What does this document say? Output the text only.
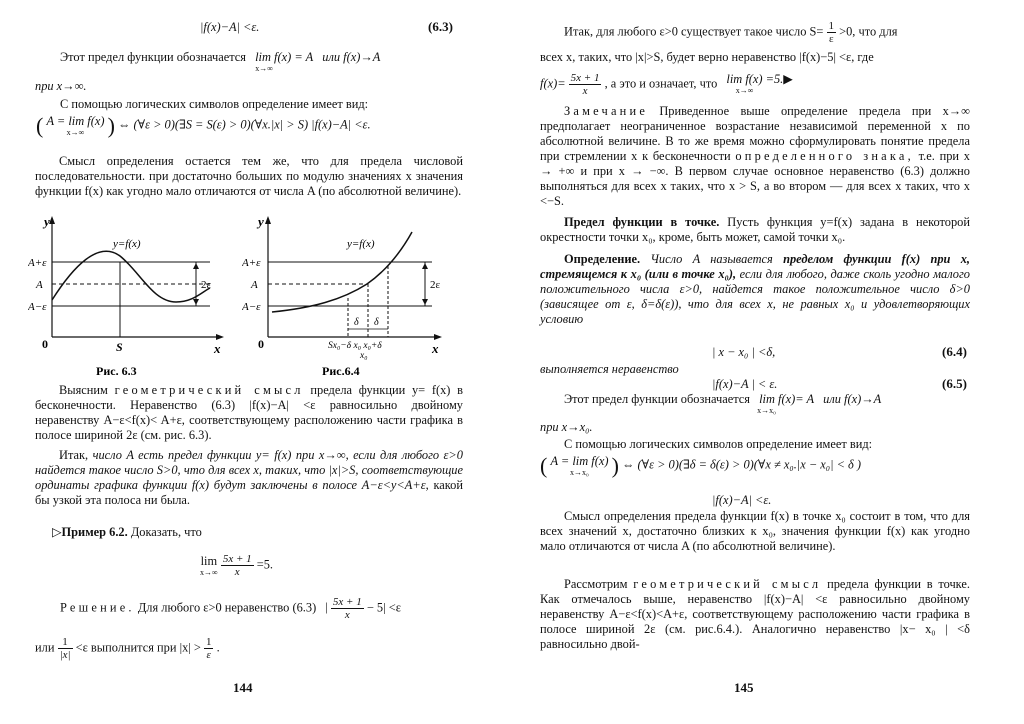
|f(x)−A| <ε.	(6.3)
Этот предел функции обозначается lim f(x) = A
x→∞
или f(x)→A
при x→∞.
С помощью логических символов определение имеет вид:
( A = lim f(x)
x→∞	) ⇔ (∀ε > 0)(∃S = S(ε) > 0)(∀x.|x| > S) |f(x)−A| <ε.
Смысл определения остается тем же, что для предела числовой последовательности. при достаточно больших по модулю значениях x значения функции f(x) как угодно мало отличаются от числа A (по абсолютной величине).
y
y=f(x)
A+ε
A
A−ε
2ε
0	S	x
Рис. 6.3
y
y=f(x)
A+ε
A
A−ε
2ε
δ δ
0	Sx₀−δ x₀ x₀+δ
x₀	x
Рис.6.4
Выясним геометрический смысл предела функции y= f(x) в бесконечности. Неравенство (6.3) |f(x)−A| <ε равносильно двойному неравенству A−ε<f(x)< A+ε, соответствующему расположению части графика в полосе шириной 2ε (см. рис. 6.3).
Итак, число A есть предел функции y= f(x) при x→∞, если для любого ε>0 найдется такое число S>0, что для всех x, таких, что |x|>S, соответствующие ординаты графика функции f(x) будут заключены в полосе A−ε<y<A+ε, какой бы узкой эта полоса ни была.
▷Пример 6.2. Доказать, что
lim
x→∞
$\frac{5x + 1}{x} =5$.
Решение. Для любого ε>0 неравенство (6.3) | $\frac{5x + 1}{x} - 5| <\varepsilon$
или $\frac{1}{|x|} <\varepsilon$ выполнится при $|x| > \frac{1}{\varepsilon}$ .
144
Итак, для любого ε>0 существует такое число $S= \frac{1}{\varepsilon} >0$, что для
всех x, таких, что |x|>S, будет верно неравенство |f(x)−5| <ε, где
$f(x)= \frac{5x + 1}{x}$ , а это и означает, что lim f(x) =5.▶
x→∞
Замечание Приведенное выше определение предела при x→∞ предполагает неограниченное возрастание независимой переменной x по абсолютной величине. В то же время можно сформулировать понятие предела при стремлении x к бесконечности определенного знака, т.е. при x → +∞ и при x → −∞. В первом случае основное неравенство (6.3) должно выполняться для всех x таких, что x > S, а во втором — для всех x таких, что x <−S.
Предел функции в точке. Пусть функция y=f(x) задана в некоторой окрестности точки x₀, кроме, быть может, самой точки x₀.
Определение. Число A называется пределом функции f(x) при x, стремящемся к x₀ (или в точке x₀), если для любого, даже сколь угодно малого положительного числа ε>0, найдется такое положительное число δ>0 (зависящее от ε, δ=δ(ε)), что для всех x, не равных x₀ и удовлетворяющих условию
| x − x₀ | <δ,	(6.4)
выполняется неравенство
|f(x)−A | < ε.	(6.5)
Этот предел функции обозначается lim f(x)= A
x→x₀
или f(x)→A
при x→x₀.
С помощью логических символов определение имеет вид:
( A = lim f(x)
x→x₀	) ⇔ (∀ε > 0)(∃δ = δ(ε) > 0)(∀x ≠ x₀.|x − x₀| < δ )
|f(x)−A| <ε.
Смысл определения предела функции f(x) в точке x₀ состоит в том, что для всех значений x, достаточно близких к x₀, значения функции f(x) как угодно мало отличаются от числа A (по абсолютной величине).
Рассмотрим геометрический смысл предела функции в точке. Как отмечалось выше, неравенство |f(x)−A| <ε равносильно двойному неравенству A−ε<f(x)<A+ε, соответствующему расположению части графика в полосе шириной 2ε (см. рис.6.4.). Аналогично неравенство |x− x₀ | <δ равносильно двой-
145
